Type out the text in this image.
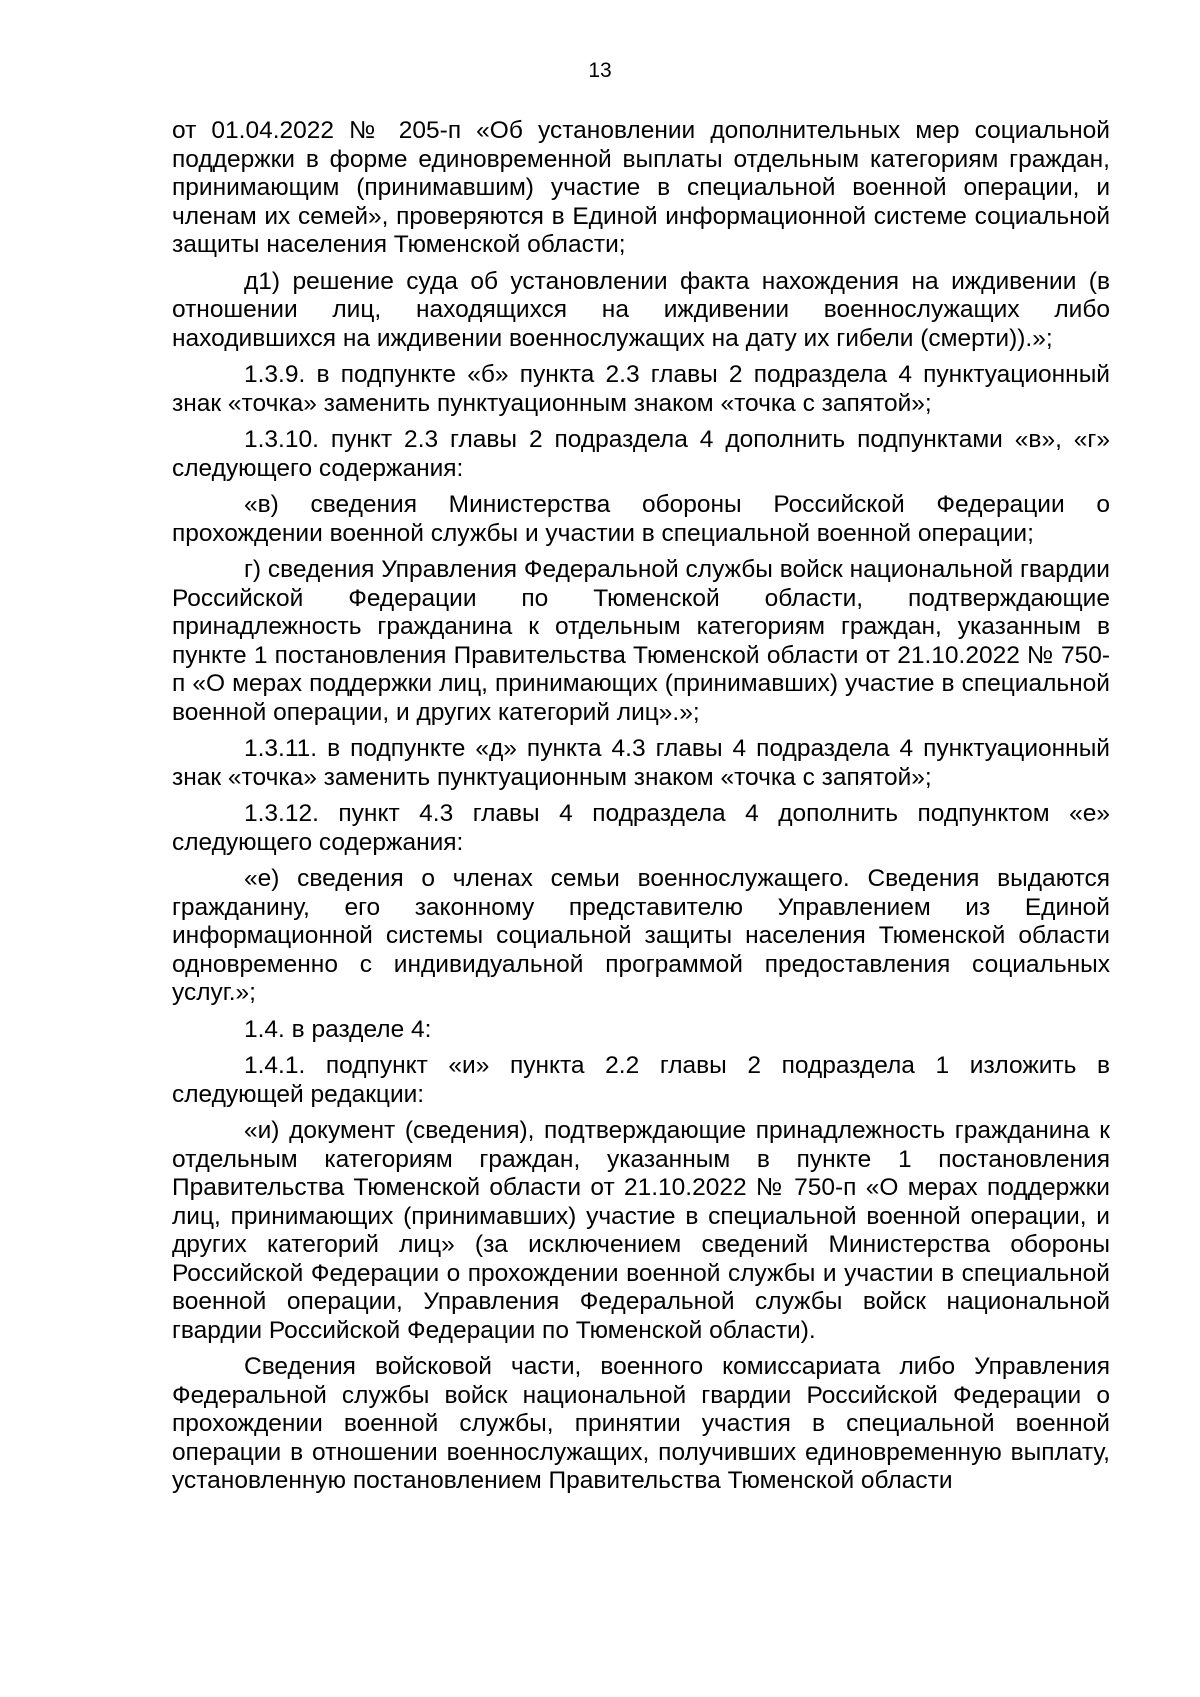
13

от 01.04.2022 № 205-п «Об установлении дополнительных мер социальной поддержки в форме единовременной выплаты отдельным категориям граждан, принимающим (принимавшим) участие в специальной военной операции, и членам их семей», проверяются в Единой информационной системе социальной защиты населения Тюменской области;

д1) решение суда об установлении факта нахождения на иждивении (в отношении лиц, находящихся на иждивении военнослужащих либо находившихся на иждивении военнослужащих на дату их гибели (смерти)).»;

1.3.9. в подпункте «б» пункта 2.3 главы 2 подраздела 4 пунктуационный знак «точка» заменить пунктуационным знаком «точка с запятой»;

1.3.10. пункт 2.3 главы 2 подраздела 4 дополнить подпунктами «в», «г» следующего содержания:

«в) сведения Министерства обороны Российской Федерации о прохождении военной службы и участии в специальной военной операции;

г) сведения Управления Федеральной службы войск национальной гвардии Российской Федерации по Тюменской области, подтверждающие принадлежность гражданина к отдельным категориям граждан, указанным в пункте 1 постановления Правительства Тюменской области от 21.10.2022 № 750-п «О мерах поддержки лиц, принимающих (принимавших) участие в специальной военной операции, и других категорий лиц».»;

1.3.11. в подпункте «д» пункта 4.3 главы 4 подраздела 4 пунктуационный знак «точка» заменить пунктуационным знаком «точка с запятой»;

1.3.12. пункт 4.3 главы 4 подраздела 4 дополнить подпунктом «е» следующего содержания:

«е) сведения о членах семьи военнослужащего. Сведения выдаются гражданину, его законному представителю Управлением из Единой информационной системы социальной защиты населения Тюменской области одновременно с индивидуальной программой предоставления социальных услуг.»;

1.4. в разделе 4:

1.4.1. подпункт «и» пункта 2.2 главы 2 подраздела 1 изложить в следующей редакции:

«и) документ (сведения), подтверждающие принадлежность гражданина к отдельным категориям граждан, указанным в пункте 1 постановления Правительства Тюменской области от 21.10.2022 № 750-п «О мерах поддержки лиц, принимающих (принимавших) участие в специальной военной операции, и других категорий лиц» (за исключением сведений Министерства обороны Российской Федерации о прохождении военной службы и участии в специальной военной операции, Управления Федеральной службы войск национальной гвардии Российской Федерации по Тюменской области).

Сведения войсковой части, военного комиссариата либо Управления Федеральной службы войск национальной гвардии Российской Федерации о прохождении военной службы, принятии участия в специальной военной операции в отношении военнослужащих, получивших единовременную выплату, установленную постановлением Правительства Тюменской области
